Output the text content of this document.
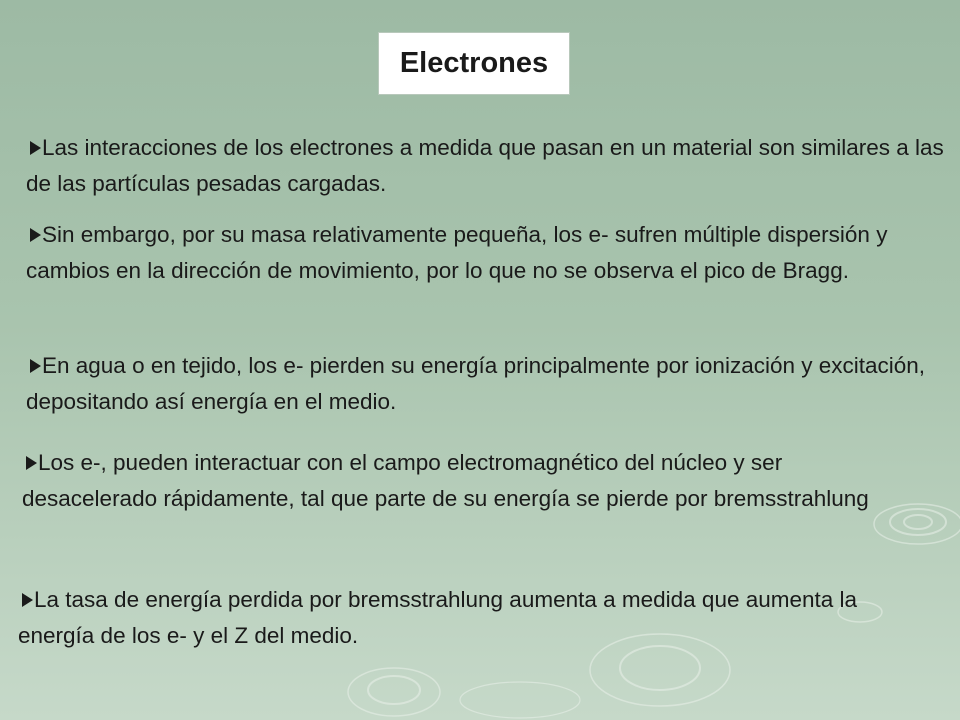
Electrones

Las interacciones de los electrones a medida que pasan en un material son similares a las de las partículas pesadas cargadas.

Sin embargo, por su masa relativamente pequeña, los e- sufren múltiple dispersión y cambios en la dirección de movimiento, por lo que no se observa el pico de Bragg.

En agua o en tejido, los e- pierden su energía principalmente por ionización y excitación, depositando así energía en el medio.

Los e-, pueden interactuar con el campo electromagnético del núcleo y ser desacelerado rápidamente, tal que parte de su energía se pierde por bremsstrahlung

La tasa de energía perdida por bremsstrahlung aumenta a medida que aumenta la energía de los e- y el Z del medio.
